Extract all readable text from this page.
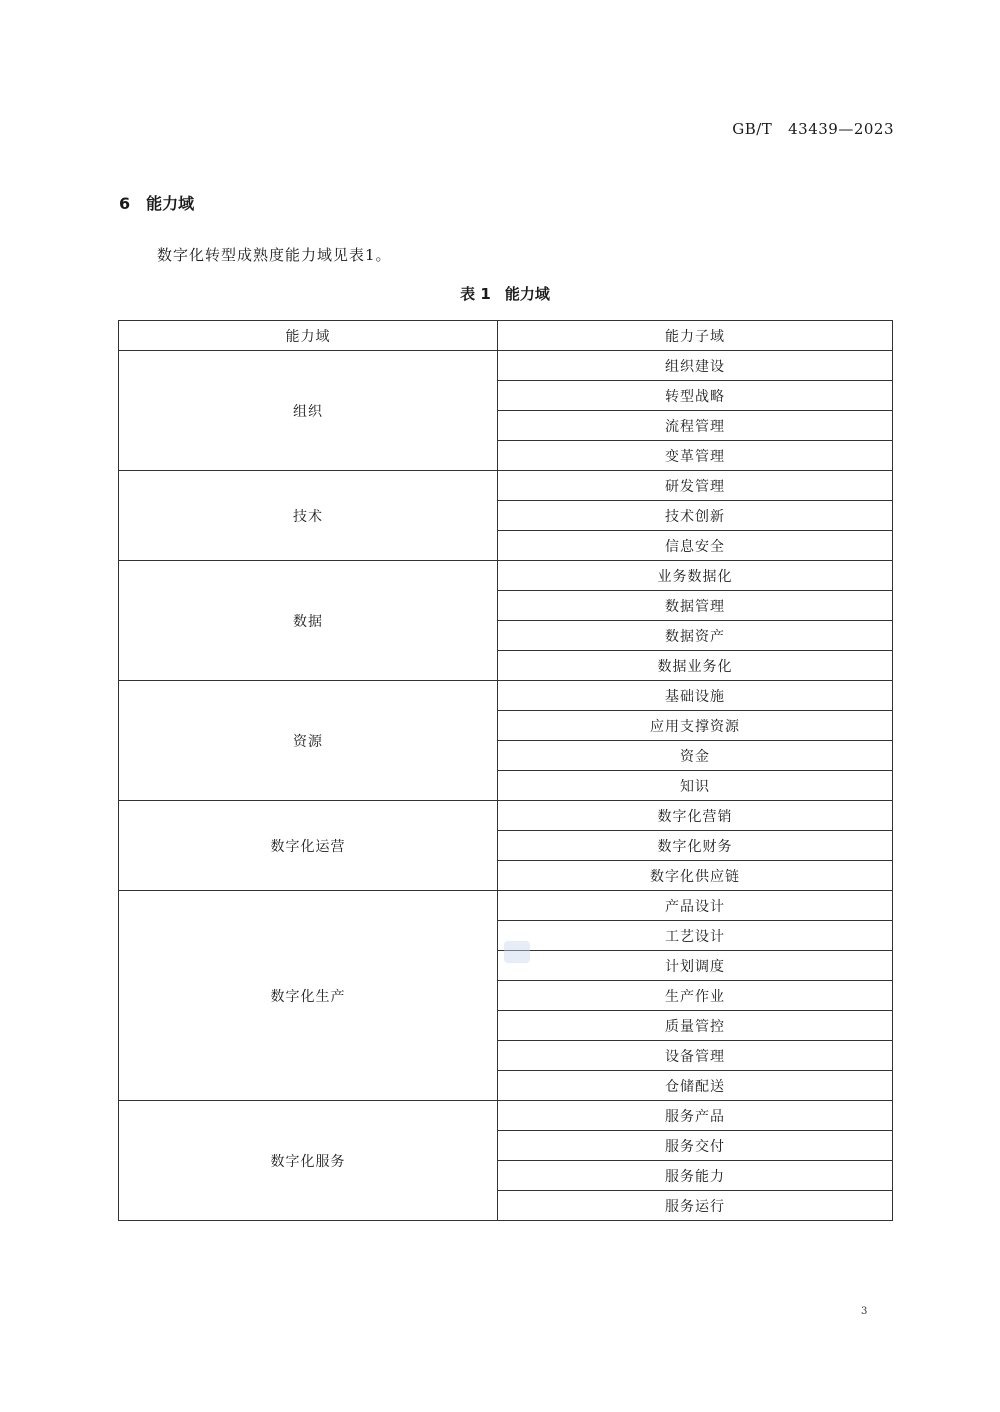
GB/T   43439—2023
6 能力域
数字化转型成熟度能力域见表1。
表 1 能力域
能力域	能力子域
组织	组织建设
	转型战略
	流程管理
	变革管理
技术	研发管理
	技术创新
	信息安全
数据	业务数据化
	数据管理
	数据资产
	数据业务化
资源	基础设施
	应用支撑资源
	资金
	知识
数字化运营	数字化营销
	数字化财务
	数字化供应链
数字化生产	产品设计
	工艺设计
	计划调度
	生产作业
	质量管控
	设备管理
	仓储配送
数字化服务	服务产品
	服务交付
	服务能力
	服务运行
3
